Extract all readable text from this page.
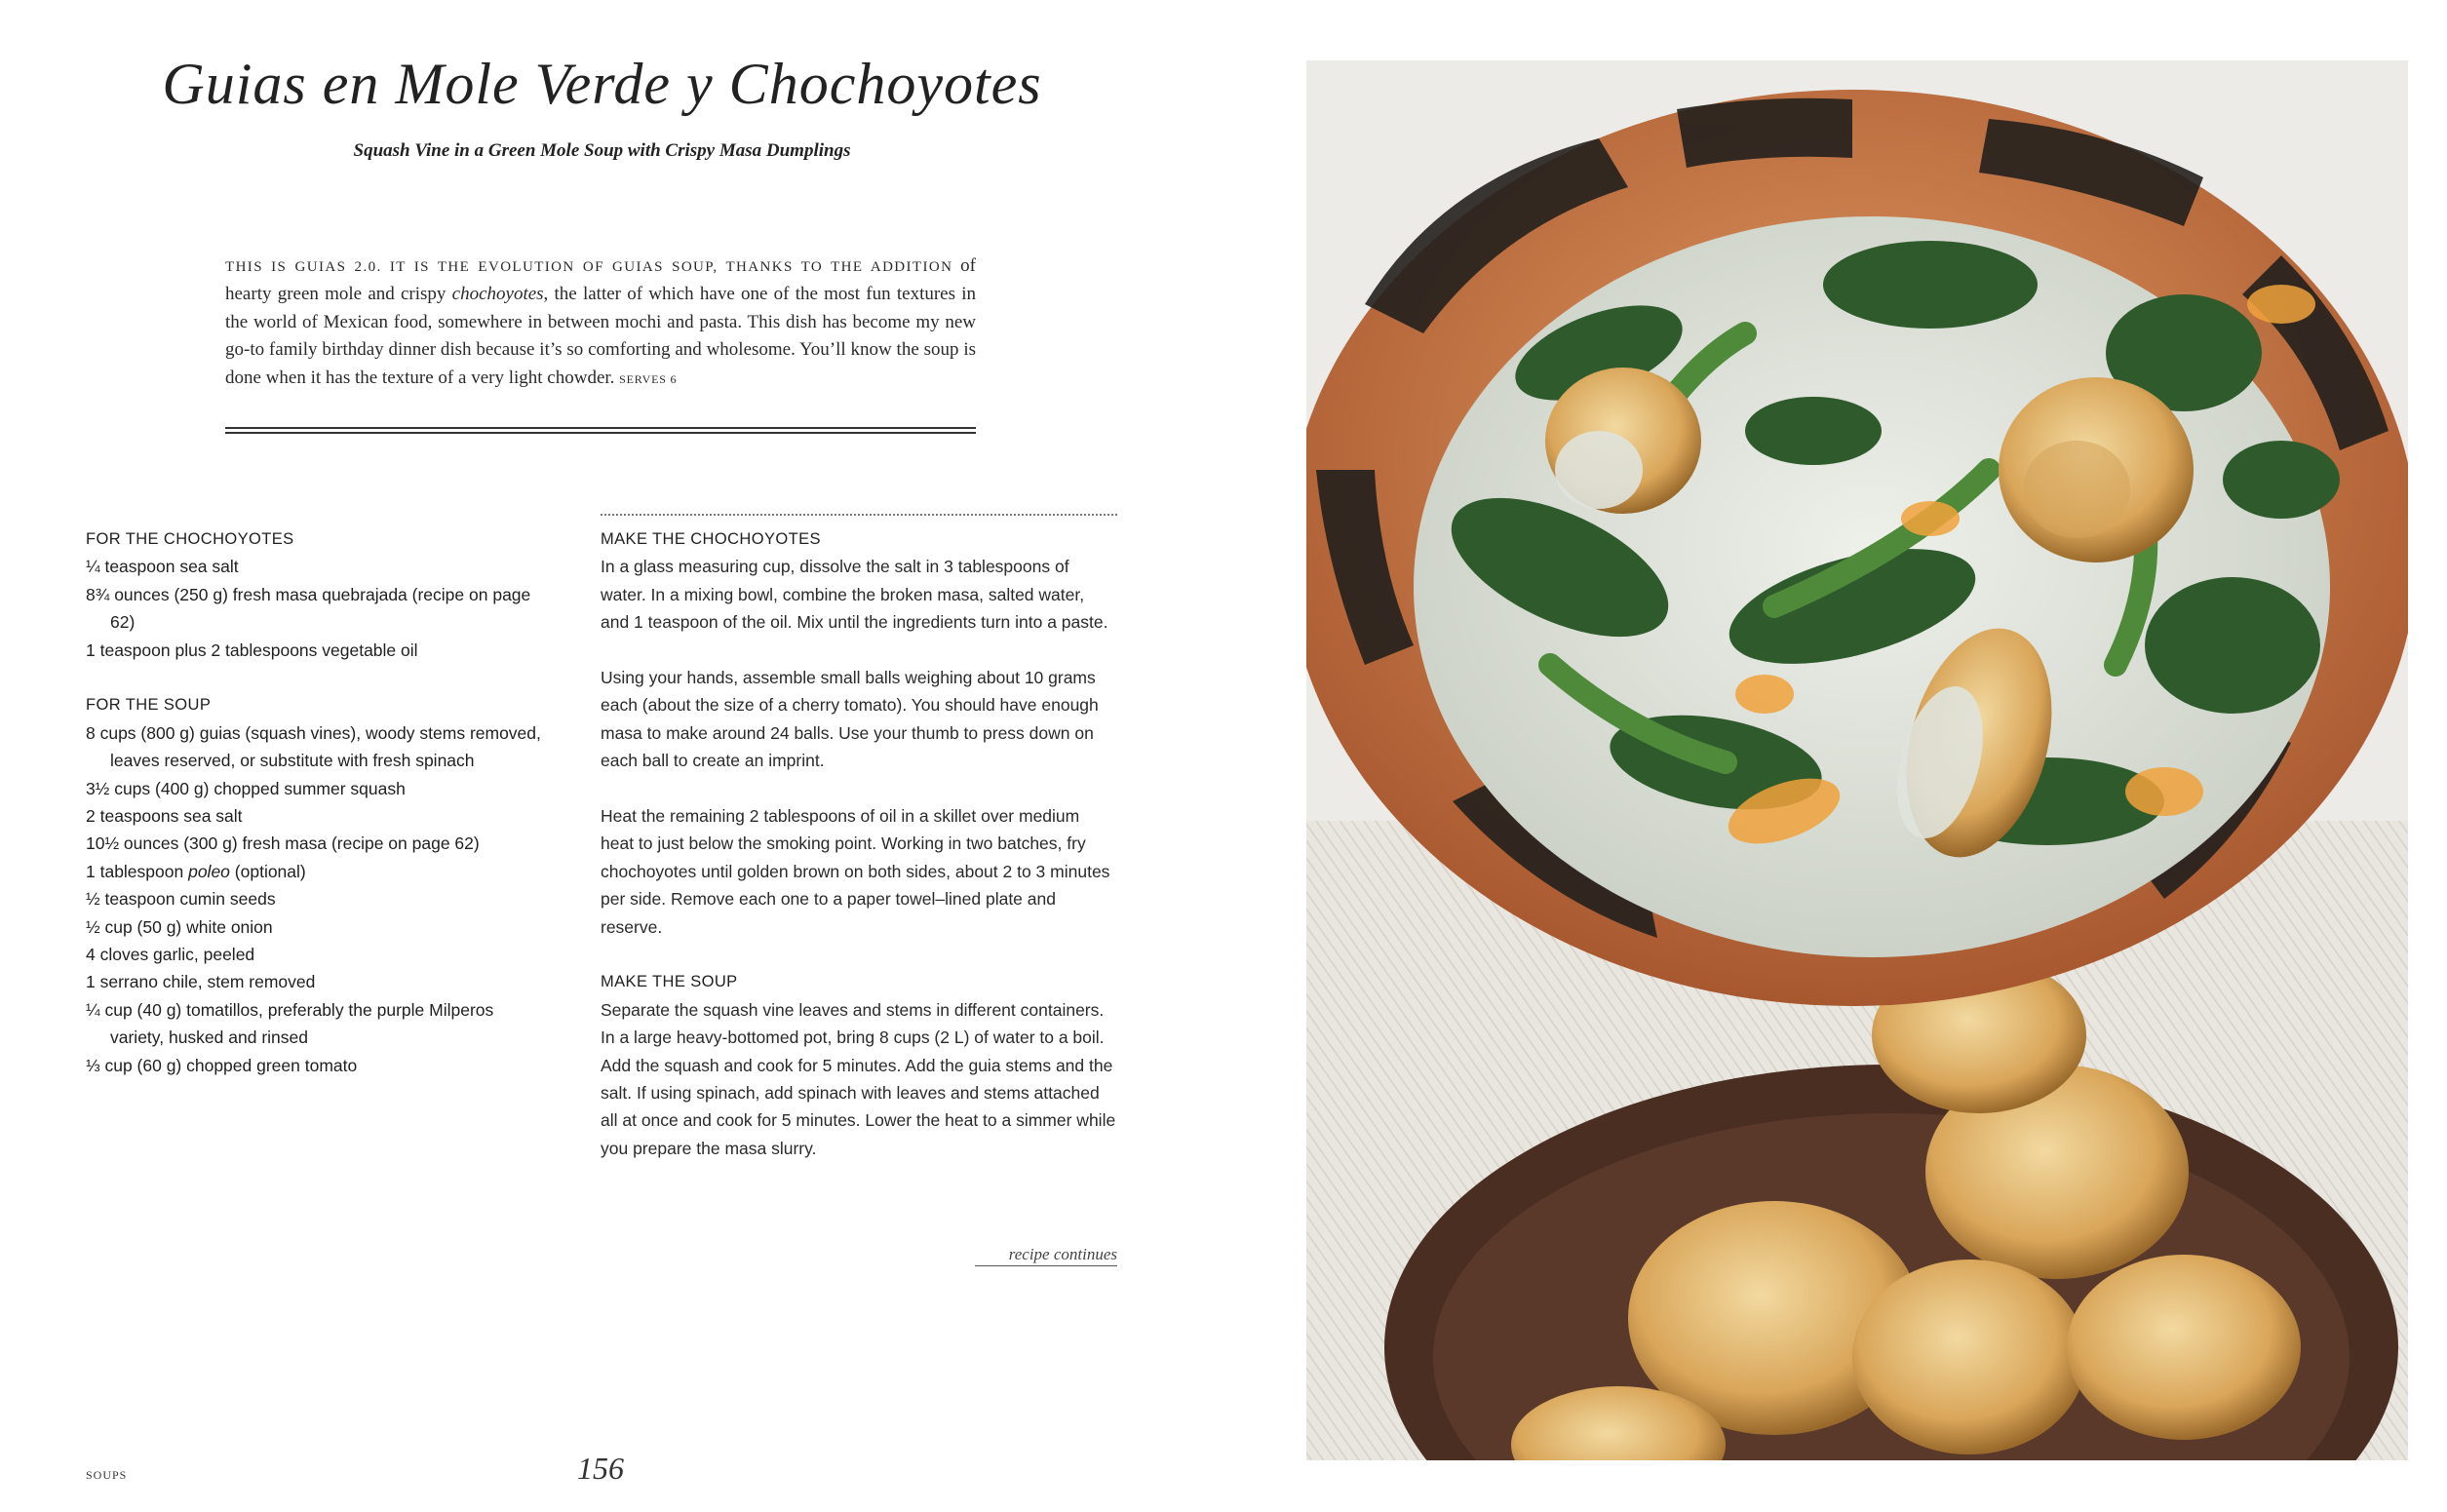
Guias en Mole Verde y Chochoyotes
Squash Vine in a Green Mole Soup with Crispy Masa Dumplings
THIS IS GUIAS 2.0. IT IS THE EVOLUTION OF GUIAS SOUP, THANKS TO THE ADDITION of hearty green mole and crispy chochoyotes, the latter of which have one of the most fun textures in the world of Mexican food, somewhere in between mochi and pasta. This dish has become my new go-to family birthday dinner dish because it’s so comforting and wholesome. You’ll know the soup is done when it has the texture of a very light chowder. SERVES 6
FOR THE CHOCHOYOTES
¼ teaspoon sea salt
8¾ ounces (250 g) fresh masa quebrajada (recipe on page 62)
1 teaspoon plus 2 tablespoons vegetable oil
FOR THE SOUP
8 cups (800 g) guias (squash vines), woody stems removed, leaves reserved, or substitute with fresh spinach
3½ cups (400 g) chopped summer squash
2 teaspoons sea salt
10½ ounces (300 g) fresh masa (recipe on page 62)
1 tablespoon poleo (optional)
½ teaspoon cumin seeds
½ cup (50 g) white onion
4 cloves garlic, peeled
1 serrano chile, stem removed
¼ cup (40 g) tomatillos, preferably the purple Milperos variety, husked and rinsed
⅓ cup (60 g) chopped green tomato
MAKE THE CHOCHOYOTES

In a glass measuring cup, dissolve the salt in 3 tablespoons of water. In a mixing bowl, combine the broken masa, salted water, and 1 teaspoon of the oil. Mix until the ingredients turn into a paste.

Using your hands, assemble small balls weighing about 10 grams each (about the size of a cherry tomato). You should have enough masa to make around 24 balls. Use your thumb to press down on each ball to create an imprint.

Heat the remaining 2 tablespoons of oil in a skillet over medium heat to just below the smoking point. Working in two batches, fry chochoyotes until golden brown on both sides, about 2 to 3 minutes per side. Remove each one to a paper towel–lined plate and reserve.

MAKE THE SOUP

Separate the squash vine leaves and stems in different containers. In a large heavy-bottomed pot, bring 8 cups (2 L) of water to a boil. Add the squash and cook for 5 minutes. Add the guia stems and the salt. If using spinach, add spinach with leaves and stems attached all at once and cook for 5 minutes. Lower the heat to a simmer while you prepare the masa slurry.

recipe continues
SOUPS	156
